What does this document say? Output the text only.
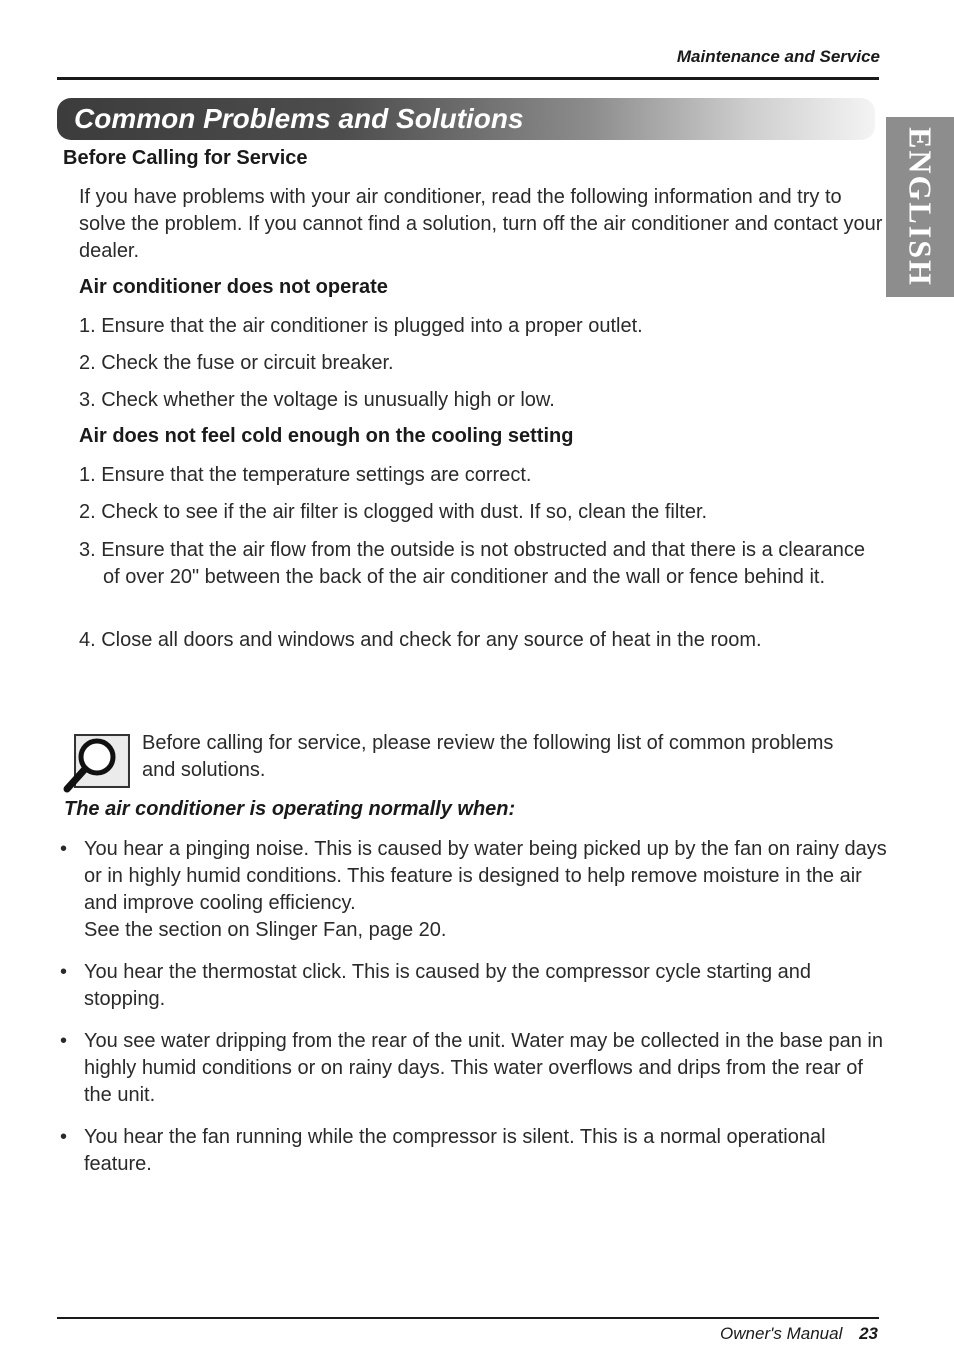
Maintenance and Service
Common Problems and Solutions
ENGLISH
Before Calling for Service
If you have problems with your air conditioner, read the following information and try to solve the problem. If you cannot find a solution, turn off the air conditioner and contact your dealer.
Air conditioner does not operate
1. Ensure that the air conditioner is plugged into a proper outlet.
2. Check the fuse or circuit breaker.
3. Check whether the voltage is unusually high or low.
Air does not feel cold enough on the cooling setting
1. Ensure that the temperature settings are correct.
2. Check to see if the air filter is clogged with dust. If so, clean the filter.
3. Ensure that the air flow from the outside is not obstructed and that there is a clearance of over 20" between the back of the air conditioner and the wall or fence behind it.
4. Close all doors and windows and check for any source of heat in the room.
Before calling for service, please review the following list of common problems and solutions.
The air conditioner is operating normally when:
• You hear a pinging noise. This is caused by water being picked up by the fan on rainy days or in highly humid conditions. This feature is designed to help remove moisture in the air and improve cooling efficiency.
See the section on Slinger Fan, page 20.
• You hear the thermostat click. This is caused by the compressor cycle starting and stopping.
• You see water dripping from the rear of the unit. Water may be collected in the base pan in highly humid conditions or on rainy days. This water overflows and drips from the rear of the unit.
• You hear the fan running while the compressor is silent. This is a normal operational feature.
Owner's Manual 23
